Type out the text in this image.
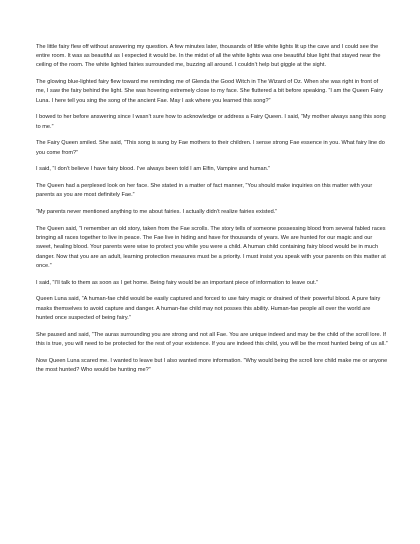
The little fairy flew off without answering my question. A few minutes later, thousands of little white lights lit up the cave and I could see the entire room. It was as beautiful as I expected it would be. In the midst of all the white lights was one beautiful blue light that stayed near the ceiling of the room. The white lighted fairies surrounded me, buzzing all around. I couldn’t help but giggle at the sight.

The glowing blue-lighted fairy flew toward me reminding me of Glenda the Good Witch in The Wizard of Oz. When she was right in front of me, I saw the fairy behind the light. She was hovering extremely close to my face. She fluttered a bit before speaking. “I am the Queen Fairy Luna. I here tell you sing the song of the ancient Fae. May I ask where you learned this song?”

I bowed to her before answering since I wasn’t sure how to acknowledge or address a Fairy Queen. I said, “My mother always sang this song to me.”

The Fairy Queen smiled. She said, “This song is sung by Fae mothers to their children. I sense strong Fae essence in you. What fairy line do you come from?”

I said, “I don’t believe I have fairy blood. I’ve always been told I am Elfin, Vampire and human.”

The Queen had a perplexed look on her face. She stated in a matter of fact manner, “You should make inquiries on this matter with your parents as you are most definitely Fae.”

“My parents never mentioned anything to me about fairies. I actually didn’t realize fairies existed.”

The Queen said, “I remember an old story, taken from the Fae scrolls. The story tells of someone possessing blood from several fabled races bringing all races together to live in peace. The Fae live in hiding and have for thousands of years. We are hunted for our magic and our sweet, healing blood. Your parents were wise to protect you while you were a child. A human child containing fairy blood would be in much danger. Now that you are an adult, learning protection measures must be a priority. I must insist you speak with your parents on this matter at once.”

I said, “I’ll talk to them as soon as I get home. Being fairy would be an important piece of information to leave out.”

Queen Luna said, “A human-fae child would be easily captured and forced to use fairy magic or drained of their powerful blood. A pure fairy masks themselves to avoid capture and danger. A human-fae child may not posses this ability. Human-fae people all over the world are hunted once suspected of being fairy.”

She paused and said, “The auras surrounding you are strong and not all Fae. You are unique indeed and may be the child of the scroll lore. If this is true, you will need to be protected for the rest of your existence. If you are indeed this child, you will be the most hunted being of us all.”

Now Queen Luna scared me. I wanted to leave but I also wanted more information. “Why would being the scroll lore child make me or anyone the most hunted? Who would be hunting me?”
